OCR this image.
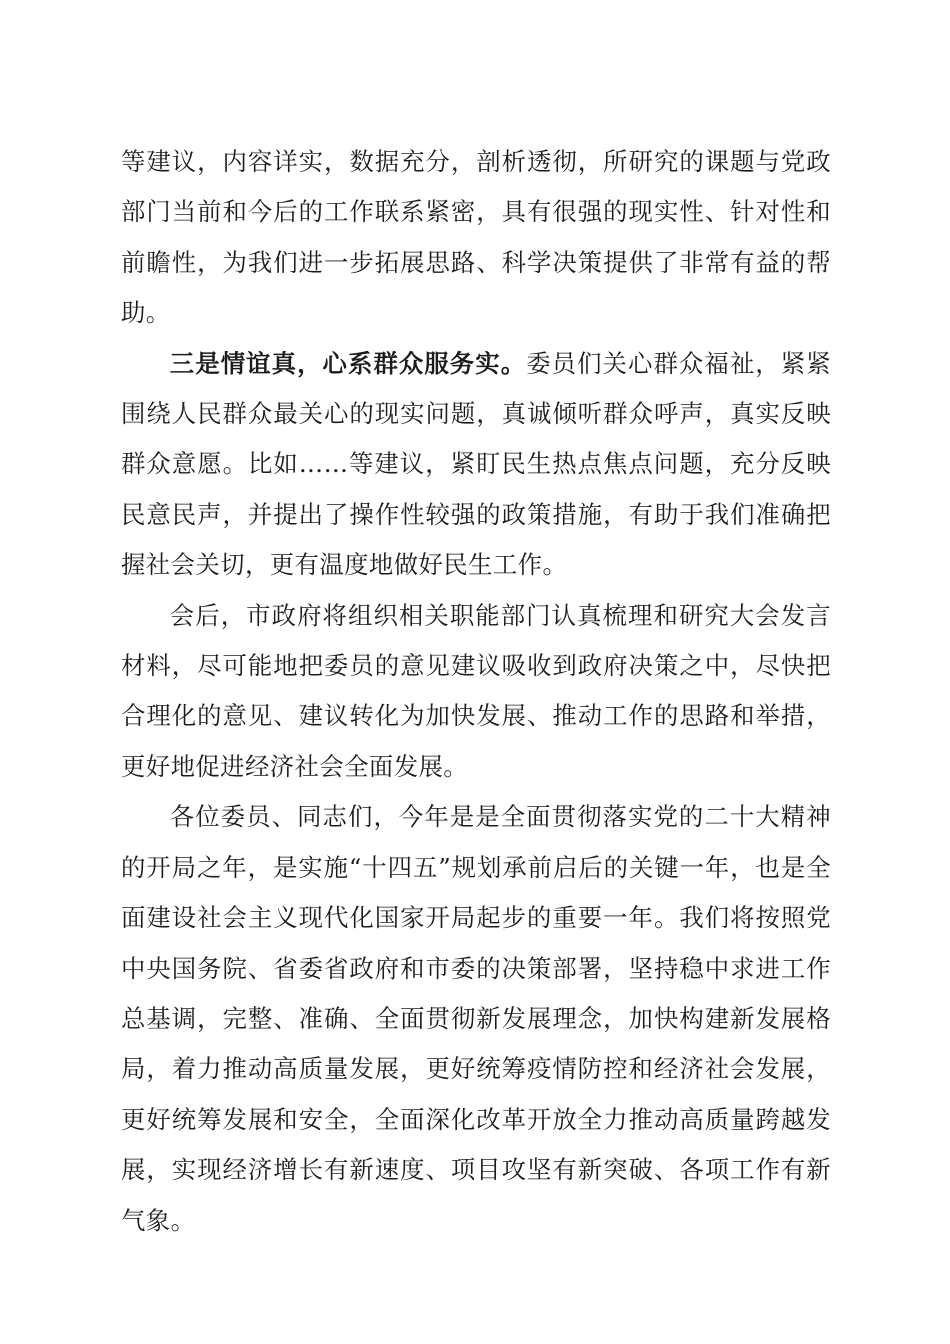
等建议，内容详实，数据充分，剖析透彻，所研究的课题与党政部门当前和今后的工作联系紧密，具有很强的现实性、针对性和前瞻性，为我们进一步拓展思路、科学决策提供了非常有益的帮助。

三是情谊真，心系群众服务实。委员们关心群众福祉，紧紧围绕人民群众最关心的现实问题，真诚倾听群众呼声，真实反映群众意愿。比如……等建议，紧盯民生热点焦点问题，充分反映民意民声，并提出了操作性较强的政策措施，有助于我们准确把握社会关切，更有温度地做好民生工作。

会后，市政府将组织相关职能部门认真梳理和研究大会发言材料，尽可能地把委员的意见建议吸收到政府决策之中，尽快把合理化的意见、建议转化为加快发展、推动工作的思路和举措，更好地促进经济社会全面发展。

各位委员、同志们，今年是是全面贯彻落实党的二十大精神的开局之年，是实施“十四五”规划承前启后的关键一年，也是全面建设社会主义现代化国家开局起步的重要一年。我们将按照党中央国务院、省委省政府和市委的决策部署，坚持稳中求进工作总基调，完整、准确、全面贯彻新发展理念，加快构建新发展格局，着力推动高质量发展，更好统筹疫情防控和经济社会发展，更好统筹发展和安全，全面深化改革开放全力推动高质量跨越发展，实现经济增长有新速度、项目攻坚有新突破、各项工作有新气象。
